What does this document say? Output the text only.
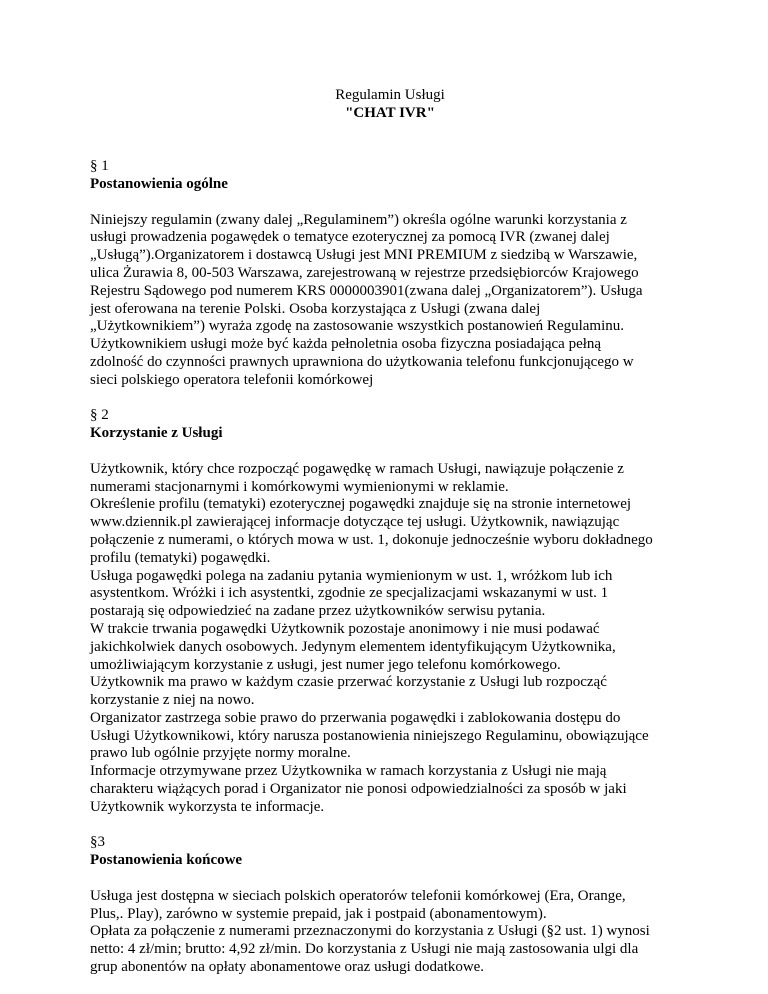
Regulamin Usługi
"CHAT IVR"
§ 1
Postanowienia ogólne
Niniejszy regulamin (zwany dalej „Regulaminem”) określa ogólne warunki korzystania z
usługi prowadzenia pogawędek o tematyce ezoterycznej za pomocą IVR (zwanej dalej
„Usługą”).Organizatorem i dostawcą Usługi jest MNI PREMIUM z siedzibą w Warszawie,
ulica Żurawia 8, 00-503 Warszawa, zarejestrowaną w rejestrze przedsiębiorców Krajowego
Rejestru Sądowego pod numerem KRS 0000003901(zwana dalej „Organizatorem”). Usługa
jest oferowana na terenie Polski. Osoba korzystająca z Usługi (zwana dalej
„Użytkownikiem”) wyraża zgodę na zastosowanie wszystkich postanowień Regulaminu.
Użytkownikiem usługi może być każda pełnoletnia osoba fizyczna posiadająca pełną
zdolność do czynności prawnych uprawniona do użytkowania telefonu funkcjonującego w
sieci polskiego operatora telefonii komórkowej
§ 2
Korzystanie z Usługi
Użytkownik, który chce rozpocząć pogawędkę w ramach Usługi, nawiązuje połączenie z
numerami stacjonarnymi i komórkowymi wymienionymi w reklamie.
Określenie profilu (tematyki) ezoterycznej pogawędki znajduje się na stronie internetowej
www.dziennik.pl zawierającej informacje dotyczące tej usługi. Użytkownik, nawiązując
połączenie z numerami, o których mowa w ust. 1, dokonuje jednocześnie wyboru dokładnego
profilu (tematyki) pogawędki.
Usługa pogawędki polega na zadaniu pytania wymienionym w ust. 1, wróżkom lub ich
asystentkom. Wróżki i ich asystentki, zgodnie ze specjalizacjami wskazanymi w ust. 1
postarają się odpowiedzieć na zadane przez użytkowników serwisu pytania.
W trakcie trwania pogawędki Użytkownik pozostaje anonimowy i nie musi podawać
jakichkolwiek danych osobowych. Jedynym elementem identyfikującym Użytkownika,
umożliwiającym korzystanie z usługi, jest numer jego telefonu komórkowego.
Użytkownik ma prawo w każdym czasie przerwać korzystanie z Usługi lub rozpocząć
korzystanie z niej na nowo.
Organizator zastrzega sobie prawo do przerwania pogawędki i zablokowania dostępu do
Usługi Użytkownikowi, który narusza postanowienia niniejszego Regulaminu, obowiązujące
prawo lub ogólnie przyjęte normy moralne.
Informacje otrzymywane przez Użytkownika w ramach korzystania z Usługi nie mają
charakteru wiążących porad i Organizator nie ponosi odpowiedzialności za sposób w jaki
Użytkownik wykorzysta te informacje.
§3
Postanowienia końcowe
Usługa jest dostępna w sieciach polskich operatorów telefonii komórkowej (Era, Orange,
Plus,. Play), zarówno w systemie prepaid, jak i postpaid (abonamentowym).
Opłata za połączenie z numerami przeznaczonymi do korzystania z Usługi (§2 ust. 1) wynosi
netto: 4 zł/min; brutto: 4,92 zł/min. Do korzystania z Usługi nie mają zastosowania ulgi dla
grup abonentów na opłaty abonamentowe oraz usługi dodatkowe.
